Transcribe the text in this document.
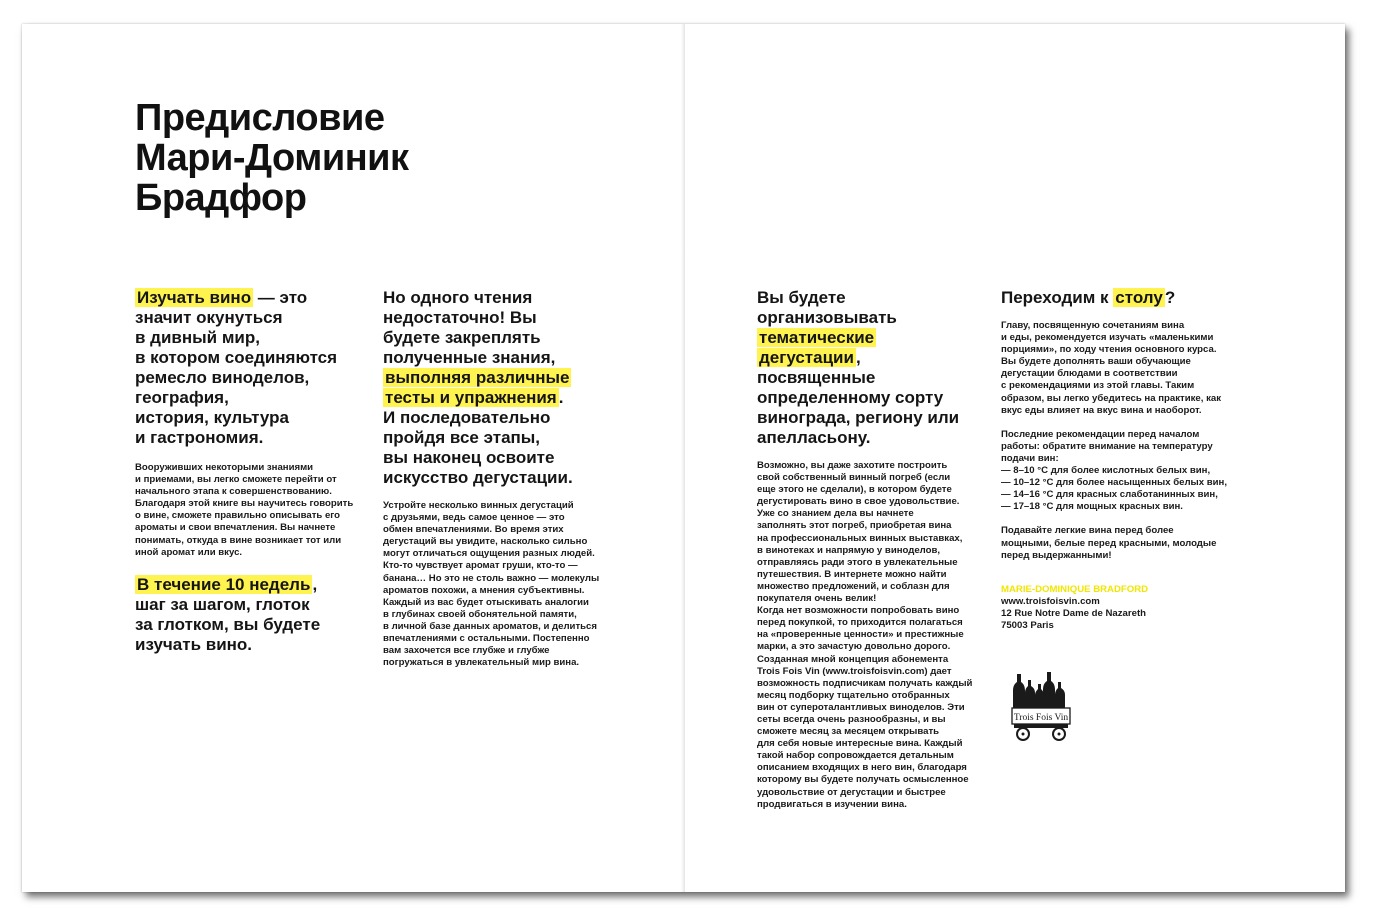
Предисловие
Мари-Доминик
Брадфор
Изучать вино — это
значит окунуться
в дивный мир,
в котором соединяются
ремесло виноделов,
география,
история, культура
и гастрономия.
Вооруживших некоторыми знаниями
и приемами, вы легко сможете перейти от
начального этапа к совершенствованию.
Благодаря этой книге вы научитесь говорить
о вине, сможете правильно описывать его
ароматы и свои впечатления. Вы начнете
понимать, откуда в вине возникает тот или
иной аромат или вкус.
В течение 10 недель ,
шаг за шагом, глоток
за глотком, вы будете
изучать вино.
Но одного чтения
недостаточно! Вы
будете закреплять
полученные знания,
выполняя различные
тесты и упражнения .
И последовательно
пройдя все этапы,
вы наконец освоите
искусство дегустации.
Устройте несколько винных дегустаций
с друзьями, ведь самое ценное — это
обмен впечатлениями. Во время этих
дегустаций вы увидите, насколько сильно
могут отличаться ощущения разных людей.
Кто-то чувствует аромат груши, кто-то —
банана… Но это не столь важно — молекулы
ароматов похожи, а мнения субъективны.
Каждый из вас будет отыскивать аналогии
в глубинах своей обонятельной памяти,
в личной базе данных ароматов, и делиться
впечатлениями с остальными. Постепенно
вам захочется все глубже и глубже
погружаться в увлекательный мир вина.
Вы будете
организовывать
тематические
дегустации ,
посвященные
определенному сорту
винограда, региону или
апелласьону.
Возможно, вы даже захотите построить
свой собственный винный погреб (если
еще этого не сделали), в котором будете
дегустировать вино в свое удовольствие.
Уже со знанием дела вы начнете
заполнять этот погреб, приобретая вина
на профессиональных винных выставках,
в винотеках и напрямую у виноделов,
отправляясь ради этого в увлекательные
путешествия. В интернете можно найти
множество предложений, и соблазн для
покупателя очень велик!
Когда нет возможности попробовать вино
перед покупкой, то приходится полагаться
на «проверенные ценности» и престижные
марки, а это зачастую довольно дорого.
Созданная мной концепция абонемента
Trois Fois Vin (www.troisfoisvin.com) дает
возможность подписчикам получать каждый
месяц подборку тщательно отобранных
вин от супероталантливых виноделов. Эти
сеты всегда очень разнообразны, и вы
сможете месяц за месяцем открывать
для себя новые интересные вина. Каждый
такой набор сопровождается детальным
описанием входящих в него вин, благодаря
которому вы будете получать осмысленное
удовольствие от дегустации и быстрее
продвигаться в изучении вина.
Переходим к столу ?
Главу, посвященную сочетаниям вина
и еды, рекомендуется изучать «маленькими
порциями», по ходу чтения основного курса.
Вы будете дополнять ваши обучающие
дегустации блюдами в соответствии
с рекомендациями из этой главы. Таким
образом, вы легко убедитесь на практике, как
вкус еды влияет на вкус вина и наоборот.
Последние рекомендации перед началом
работы: обратите внимание на температуру
подачи вин:
— 8–10 °C для более кислотных белых вин,
— 10–12 °C для более насыщенных белых вин,
— 14–16 °C для красных слаботанинных вин,
— 17–18 °C для мощных красных вин.
Подавайте легкие вина перед более
мощными, белые перед красными, молодые
перед выдержанными!
MARIE-DOMINIQUE BRADFORD
www.troisfoisvin.com
12 Rue Notre Dame de Nazareth
75003 Paris
Trois Fois Vin
